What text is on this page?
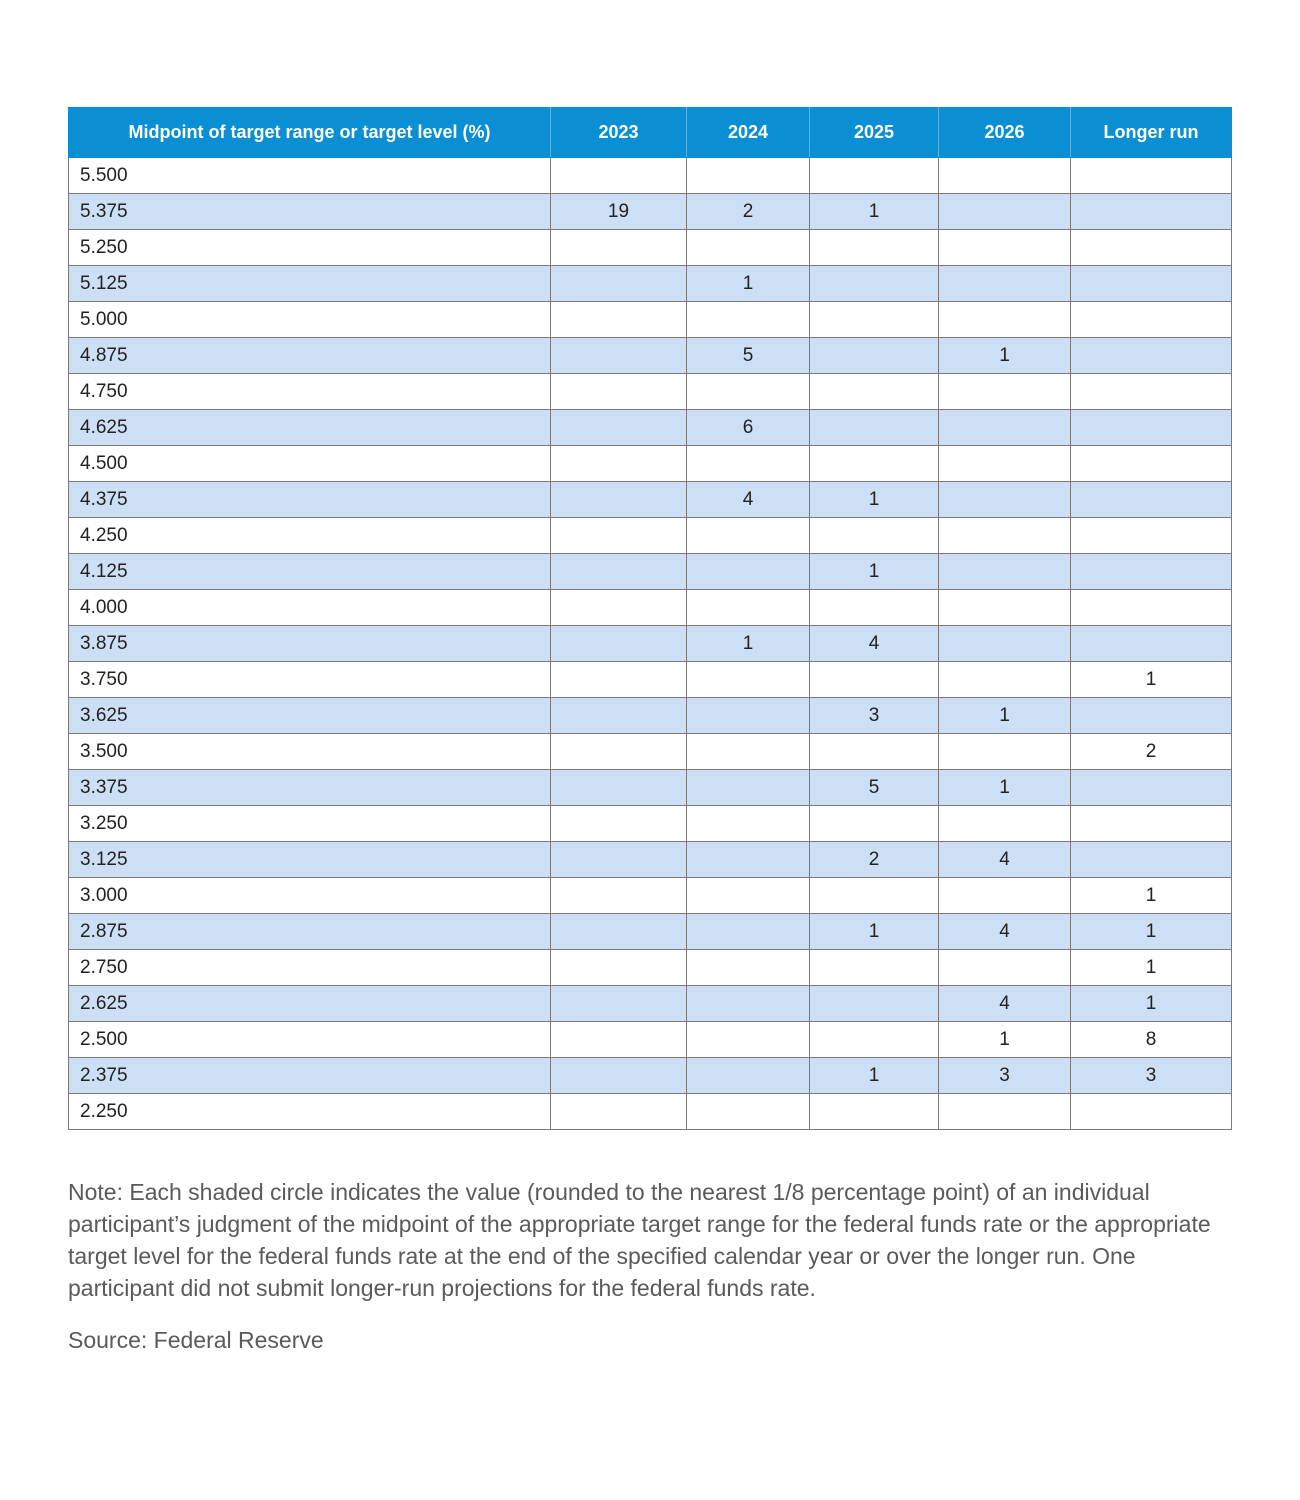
Midpoint of target range or target level (%)	2023	2024	2025	2026	Longer run
5.500					
5.375	19	2	1		
5.250					
5.125		1			
5.000					
4.875		5		1	
4.750					
4.625		6			
4.500					
4.375		4	1		
4.250					
4.125			1		
4.000					
3.875		1	4		
3.750					1
3.625			3	1	
3.500					2
3.375			5	1	
3.250					
3.125			2	4	
3.000					1
2.875			1	4	1
2.750					1
2.625				4	1
2.500				1	8
2.375			1	3	3
2.250					

Note: Each shaded circle indicates the value (rounded to the nearest 1/8 percentage point) of an individual participant’s judgment of the midpoint of the appropriate target range for the federal funds rate or the appropriate target level for the federal funds rate at the end of the specified calendar year or over the longer run. One participant did not submit longer-run projections for the federal funds rate.

Source: Federal Reserve
